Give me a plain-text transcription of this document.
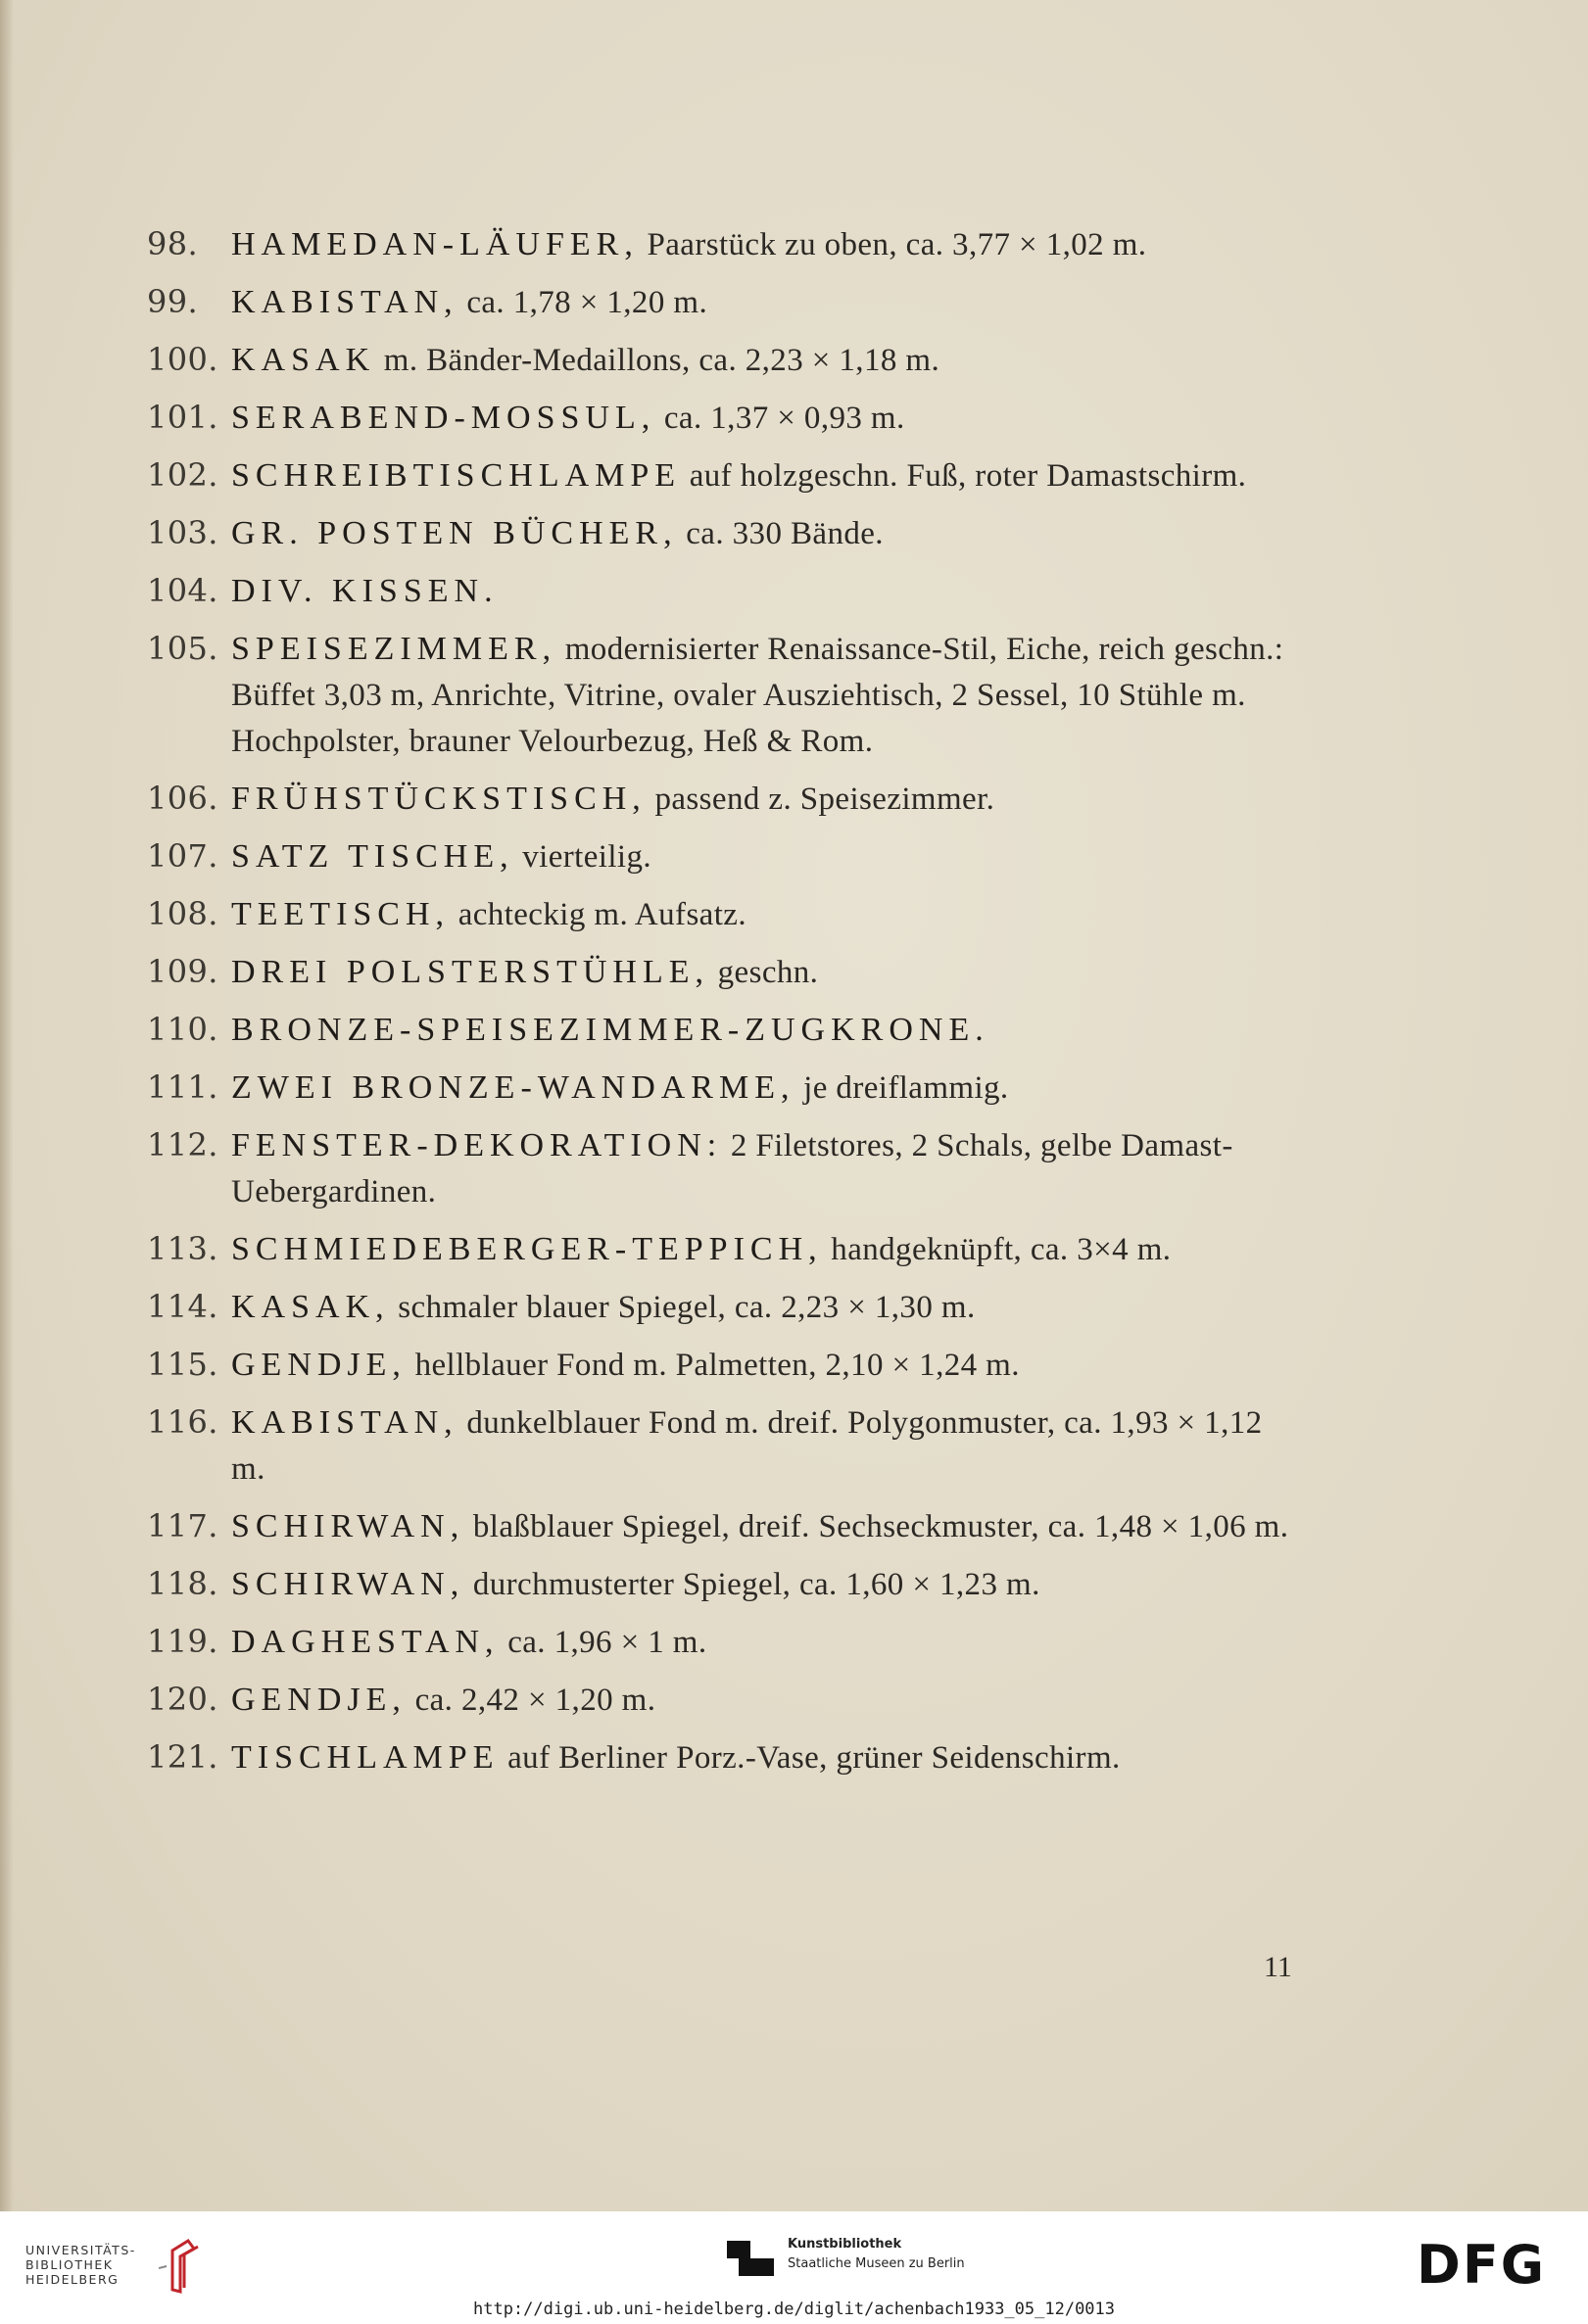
98. HAMEDAN-LÄUFER, Paarstück zu oben, ca. 3,77 × 1,02 m.
99. KABISTAN, ca. 1,78 × 1,20 m.
100. KASAK m. Bänder-Medaillons, ca. 2,23 × 1,18 m.
101. SERABEND-MOSSUL, ca. 1,37 × 0,93 m.
102. SCHREIBTISCHLAMPE auf holzgeschn. Fuß, roter Damastschirm.
103. GR. POSTEN BÜCHER, ca. 330 Bände.
104. DIV. KISSEN.
105. SPEISEZIMMER, modernisierter Renaissance-Stil, Eiche, reich geschn.: Büffet 3,03 m, Anrichte, Vitrine, ovaler Ausziehtisch, 2 Sessel, 10 Stühle m. Hochpolster, brauner Velourbezug, Heß & Rom.
106. FRÜHSTÜCKSTISCH, passend z. Speisezimmer.
107. SATZ TISCHE, vierteilig.
108. TEETISCH, achteckig m. Aufsatz.
109. DREI POLSTERSTÜHLE, geschn.
110. BRONZE-SPEISEZIMMER-ZUGKRONE.
111. ZWEI BRONZE-WANDARME, je dreiflammig.
112. FENSTER-DEKORATION: 2 Filetstores, 2 Schals, gelbe Damast-Uebergardinen.
113. SCHMIEDEBERGER-TEPPICH, handgeknüpft, ca. 3×4 m.
114. KASAK, schmaler blauer Spiegel, ca. 2,23 × 1,30 m.
115. GENDJE, hellblauer Fond m. Palmetten, 2,10 × 1,24 m.
116. KABISTAN, dunkelblauer Fond m. dreif. Polygonmuster, ca. 1,93 × 1,12 m.
117. SCHIRWAN, blaßblauer Spiegel, dreif. Sechseckmuster, ca. 1,48 × 1,06 m.
118. SCHIRWAN, durchmusterter Spiegel, ca. 1,60 × 1,23 m.
119. DAGHESTAN, ca. 1,96 × 1 m.
120. GENDJE, ca. 2,42 × 1,20 m.
121. TISCHLAMPE auf Berliner Porz.-Vase, grüner Seidenschirm.
11
UNIVERSITÄTS-
BIBLIOTHEK
HEIDELBERG
Kunstbibliothek
Staatliche Museen zu Berlin	DFG
http://digi.ub.uni-heidelberg.de/diglit/achenbach1933_05_12/0013
